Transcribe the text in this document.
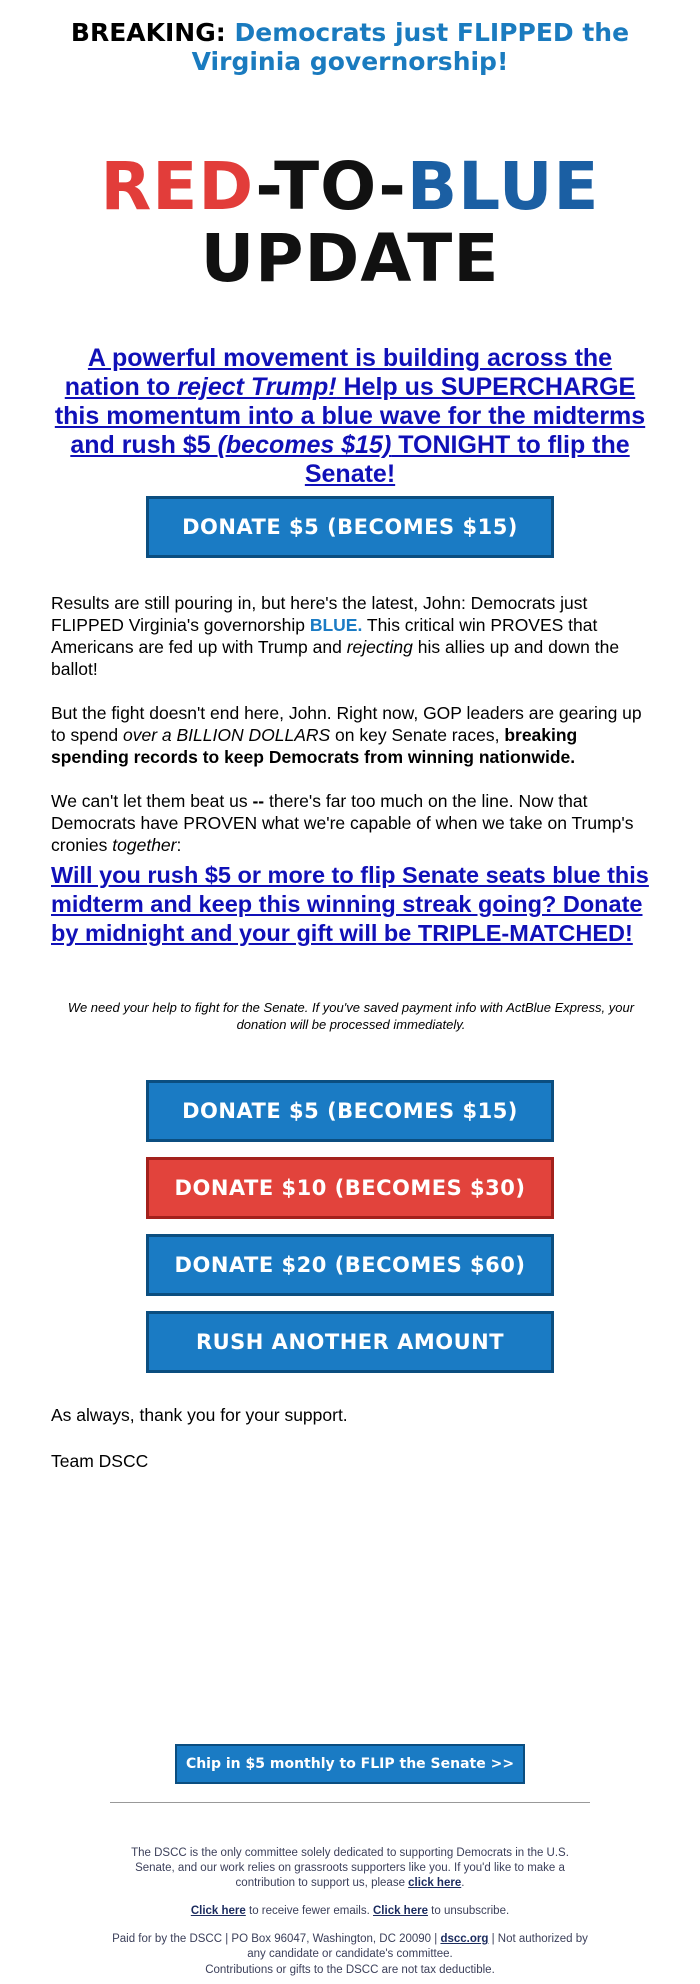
BREAKING: Democrats just FLIPPED the Virginia governorship!
RED-TO-BLUE
UPDATE
A powerful movement is building across the nation to reject Trump! Help us SUPERCHARGE this momentum into a blue wave for the midterms and rush $5 (becomes $15) TONIGHT to flip the Senate!
DONATE $5 (BECOMES $15)
Results are still pouring in, but here's the latest, John: Democrats just FLIPPED Virginia's governorship BLUE. This critical win PROVES that Americans are fed up with Trump and rejecting his allies up and down the ballot!
But the fight doesn't end here, John. Right now, GOP leaders are gearing up to spend over a BILLION DOLLARS on key Senate races, breaking spending records to keep Democrats from winning nationwide.
We can't let them beat us -- there's far too much on the line. Now that Democrats have PROVEN what we're capable of when we take on Trump's cronies together:
Will you rush $5 or more to flip Senate seats blue this midterm and keep this winning streak going? Donate by midnight and your gift will be TRIPLE-MATCHED!
We need your help to fight for the Senate. If you've saved payment info with ActBlue Express, your donation will be processed immediately.
DONATE $5 (BECOMES $15)
DONATE $10 (BECOMES $30)
DONATE $20 (BECOMES $60)
RUSH ANOTHER AMOUNT
As always, thank you for your support.
Team DSCC
Chip in $5 monthly to FLIP the Senate >>
The DSCC is the only committee solely dedicated to supporting Democrats in the U.S. Senate, and our work relies on grassroots supporters like you. If you'd like to make a contribution to support us, please click here.
Click here to receive fewer emails. Click here to unsubscribe.
Paid for by the DSCC | PO Box 96047, Washington, DC 20090 | dscc.org | Not authorized by any candidate or candidate's committee.
Contributions or gifts to the DSCC are not tax deductible.
